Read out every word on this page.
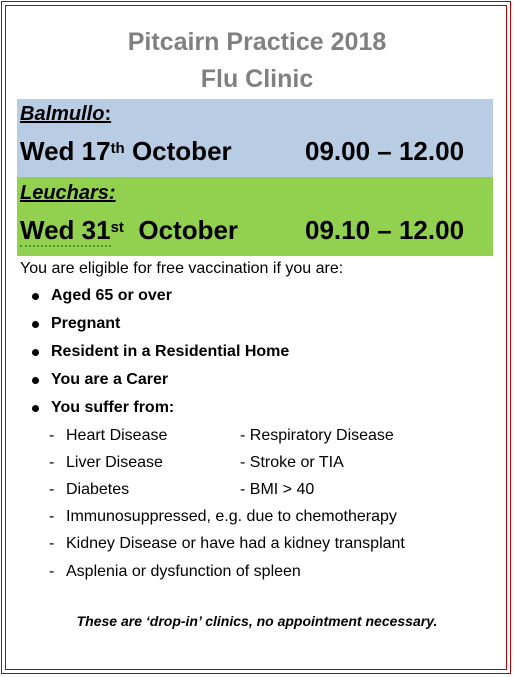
Pitcairn Practice 2018
Flu Clinic
Balmullo:
Wed 17th October	09.00 – 12.00
Leuchars:
Wed 31st  October	09.10 – 12.00
You are eligible for free vaccination if you are:
Aged 65 or over
Pregnant
Resident in a Residential Home
You are a Carer
You suffer from:
- Heart Disease	- Respiratory Disease
- Liver Disease	- Stroke or TIA
- Diabetes	- BMI > 40
- Immunosuppressed, e.g. due to chemotherapy
- Kidney Disease or have had a kidney transplant
- Asplenia or dysfunction of spleen
These are ‘drop-in’ clinics, no appointment necessary.
